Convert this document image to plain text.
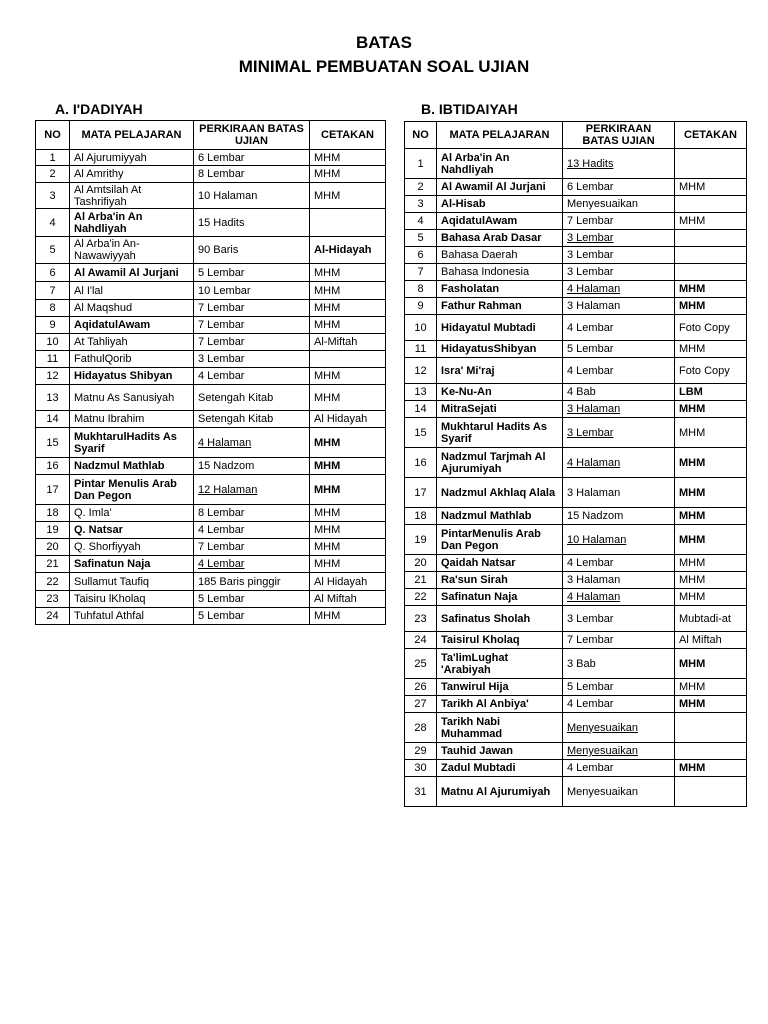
BATAS
MINIMAL PEMBUATAN SOAL UJIAN
A. I'DADIYAH	B. IBTIDAIYAH
NO	MATA PELAJARAN	PERKIRAAN BATAS UJIAN	CETAKAN
1	Al Ajurumiyyah	6 Lembar	MHM
2	Al Amrithy	8 Lembar	MHM
3	Al Amtsilah At Tashrifiyah	10 Halaman	MHM
4	Al Arba'in An Nahdliyah	15 Hadits	
5	Al Arba'in An-Nawawiyyah	90 Baris	Al-Hidayah
6	Al Awamil Al Jurjani	5 Lembar	MHM
7	Al I'lal	10 Lembar	MHM
8	Al Maqshud	7 Lembar	MHM
9	AqidatulAwam	7 Lembar	MHM
10	At Tahliyah	7 Lembar	Al-Miftah
11	FathulQorib	3 Lembar	
12	Hidayatus Shibyan	4 Lembar	MHM
13	Matnu As Sanusiyah	Setengah Kitab	MHM
14	Matnu Ibrahim	Setengah Kitab	Al Hidayah
15	MukhtarulHadits As Syarif	4 Halaman	MHM
16	Nadzmul Mathlab	15 Nadzom	MHM
17	Pintar Menulis Arab Dan Pegon	12 Halaman	MHM
18	Q. Imla'	8 Lembar	MHM
19	Q. Natsar	4 Lembar	MHM
20	Q. Shorfiyyah	7 Lembar	MHM
21	Safinatun Naja	4 Lembar	MHM
22	Sullamut Taufiq	185 Baris pinggir	Al Hidayah
23	Taisiru lKholaq	5 Lembar	Al Miftah
24	Tuhfatul Athfal	5 Lembar	MHM
NO	MATA PELAJARAN	PERKIRAAN BATAS UJIAN	CETAKAN
1	Al Arba'in An Nahdliyah	13 Hadits	
2	Al Awamil Al Jurjani	6 Lembar	MHM
3	Al-Hisab	Menyesuaikan	
4	AqidatulAwam	7 Lembar	MHM
5	Bahasa Arab Dasar	3 Lembar	
6	Bahasa Daerah	3 Lembar	
7	Bahasa Indonesia	3 Lembar	
8	Fasholatan	4 Halaman	MHM
9	Fathur Rahman	3 Halaman	MHM
10	Hidayatul Mubtadi	4 Lembar	Foto Copy
11	HidayatusShibyan	5 Lembar	MHM
12	Isra' Mi'raj	4 Lembar	Foto Copy
13	Ke-Nu-An	4 Bab	LBM
14	MitraSejati	3 Halaman	MHM
15	Mukhtarul Hadits As Syarif	3 Lembar	MHM
16	Nadzmul Tarjmah Al Ajurumiyah	4 Halaman	MHM
17	Nadzmul Akhlaq Alala	3 Halaman	MHM
18	Nadzmul Mathlab	15 Nadzom	MHM
19	PintarMenulis Arab Dan Pegon	10 Halaman	MHM
20	Qaidah Natsar	4 Lembar	MHM
21	Ra'sun Sirah	3 Halaman	MHM
22	Safinatun Naja	4 Halaman	MHM
23	Safinatus Sholah	3 Lembar	Mubtadi-at
24	Taisirul Kholaq	7 Lembar	Al Miftah
25	Ta'limLughat 'Arabiyah	3 Bab	MHM
26	Tanwirul Hija	5 Lembar	MHM
27	Tarikh Al Anbiya'	4 Lembar	MHM
28	Tarikh Nabi Muhammad	Menyesuaikan	
29	Tauhid Jawan	Menyesuaikan	
30	Zadul Mubtadi	4 Lembar	MHM
31	Matnu Al Ajurumiyah	Menyesuaikan	
